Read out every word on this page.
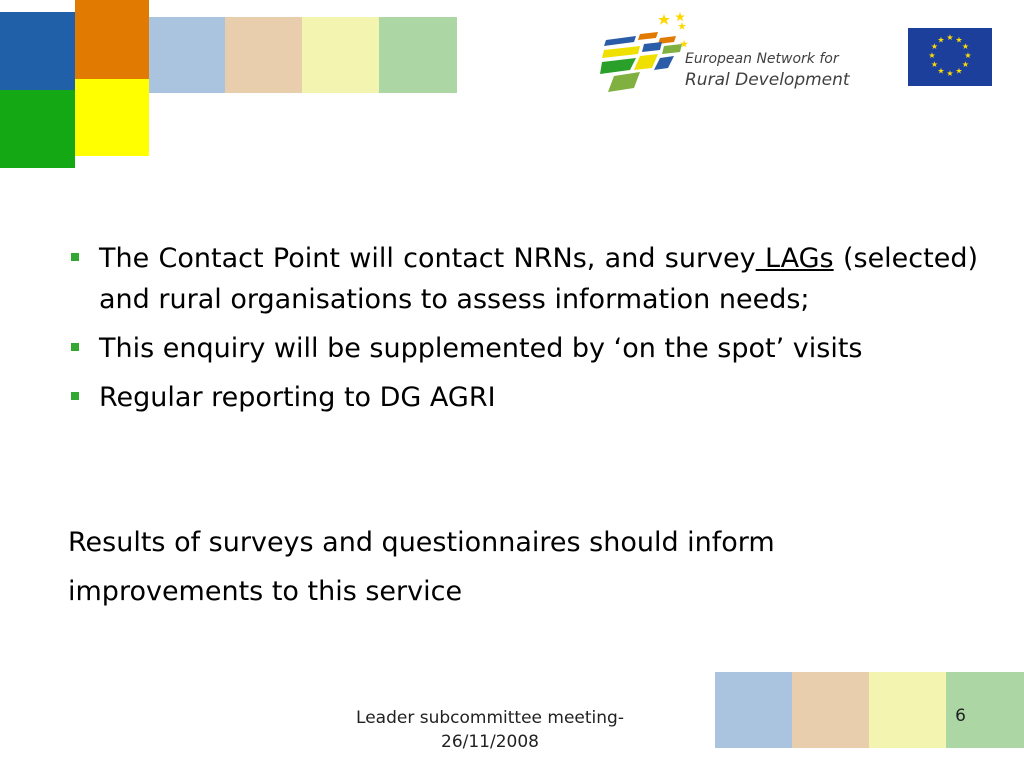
European Network for
Rural Development
★ ★
★
★
★
★
★
★
★
★
★
★
The Contact Point will contact NRNs, and survey LAGs (selected) and rural organisations to assess information needs;
This enquiry will be supplemented by ‘on the spot’ visits
Regular reporting to DG AGRI
Results of surveys and questionnaires should inform
improvements to this service
Leader subcommittee meeting-
26/11/2008
6
